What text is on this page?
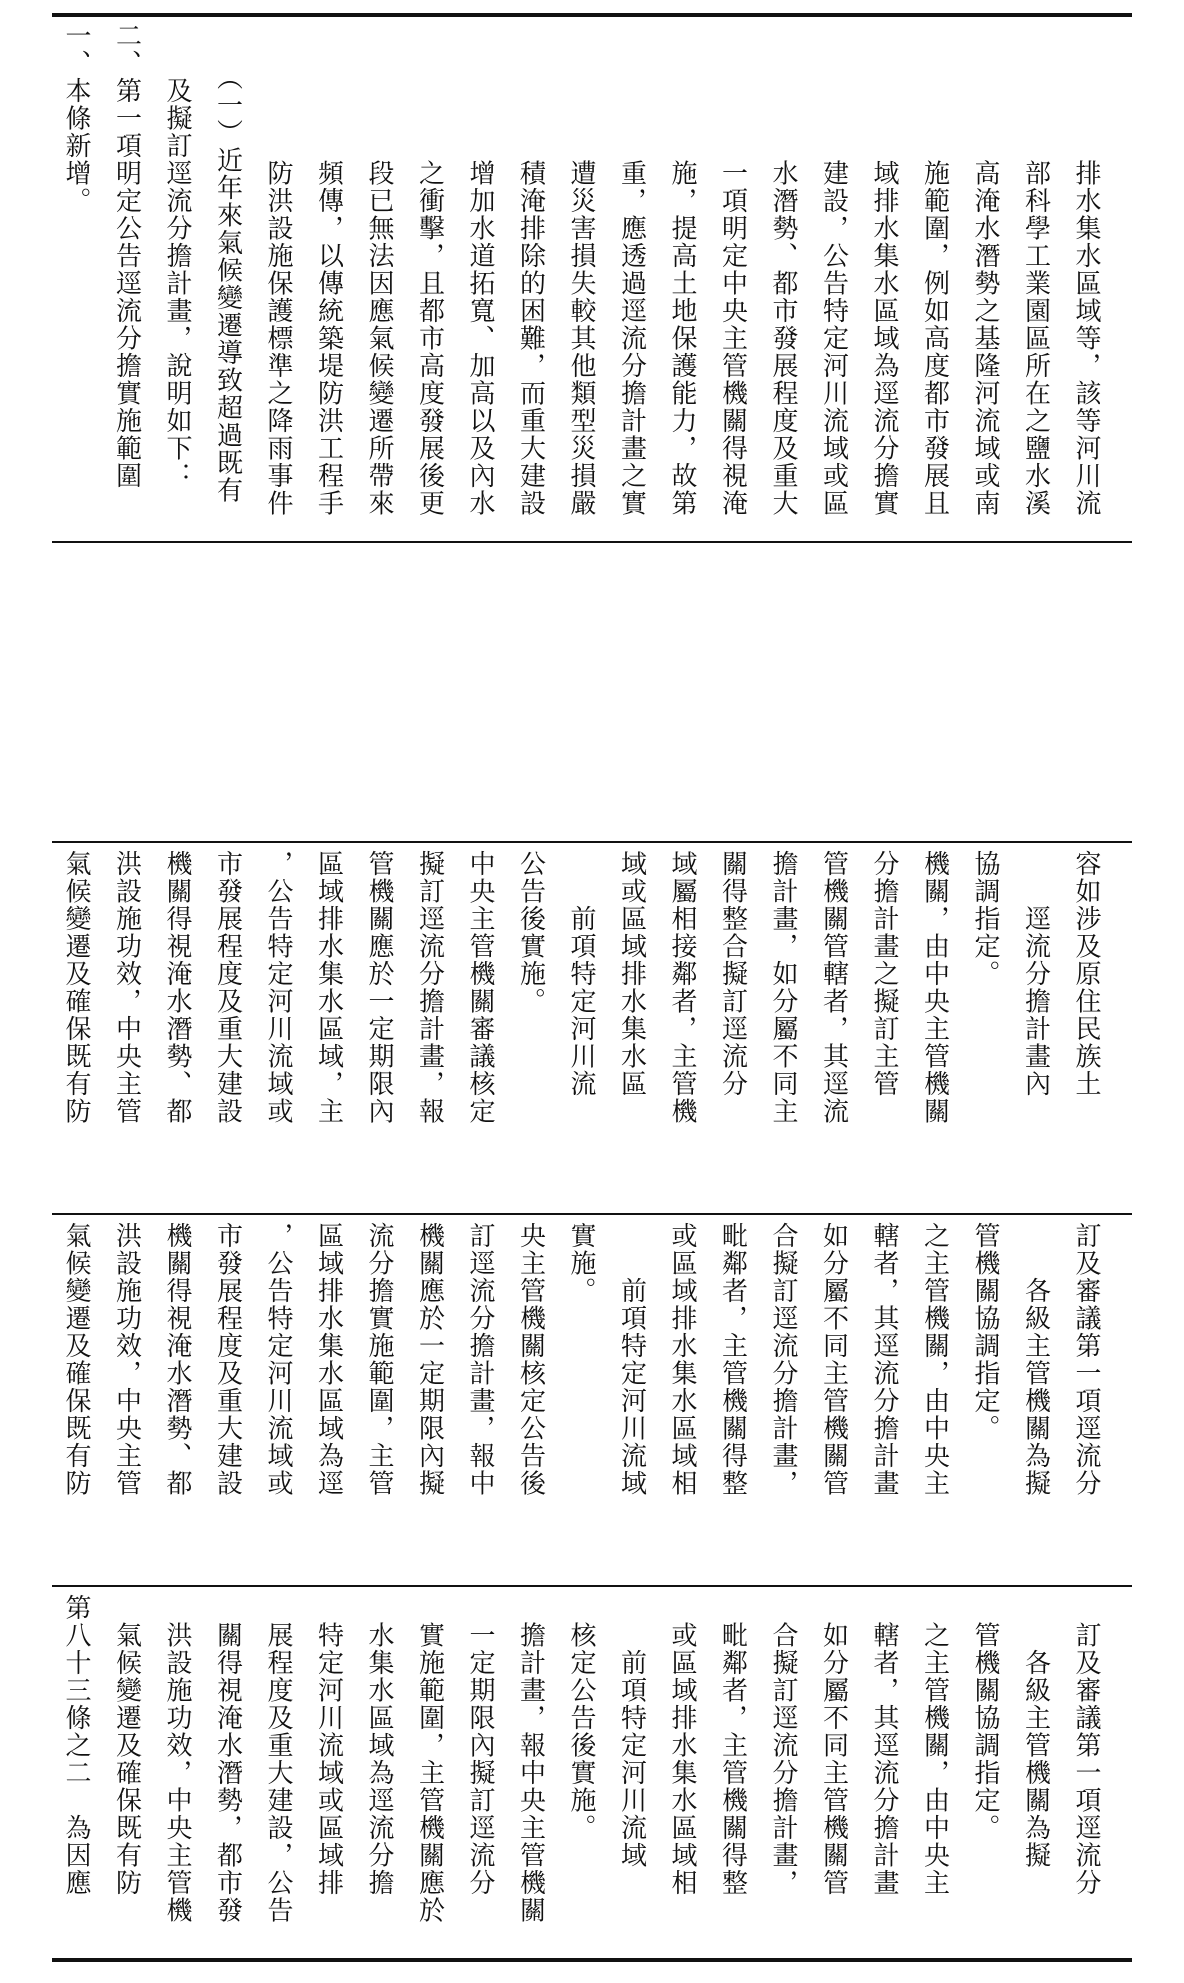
一、本條新增。 二、第一項明定公告逕流分擔實施範圍 　　及擬訂逕流分擔計畫，說明如下： 　　（一）近年來氣候變遷導致超過既有 　　　　　防洪設施保護標準之降雨事件 　　　　　頻傳，以傳統築堤防洪工程手 　　　　　段已無法因應氣候變遷所帶來 　　　　　之衝擊，且都市高度發展後更 　　　　　增加水道拓寬、加高以及內水 　　　　　積淹排除的困難，而重大建設 　　　　　遭災害損失較其他類型災損嚴 　　　　　重，應透過逕流分擔計畫之實 　　　　　施，提高土地保護能力，故第 　　　　　一項明定中央主管機關得視淹 　　　　　水潛勢、都市發展程度及重大 　　　　　建設，公告特定河川流域或區 　　　　　域排水集水區域為逕流分擔實 　　　　　施範圍，例如高度都市發展且 　　　　　高淹水潛勢之基隆河流域或南 　　　　　部科學工業園區所在之鹽水溪 　　　　　排水集水區域等，該等河川流
氣候變遷及確保既有防 洪設施功效，中央主管 機關得視淹水潛勢、都 市發展程度及重大建設 ，公告特定河川流域或 區域排水集水區域，主 管機關應於一定期限內 擬訂逕流分擔計畫，報 中央主管機關審議核定 公告後實施。 　　前項特定河川流 域或區域排水集水區 域屬相接鄰者，主管機 關得整合擬訂逕流分 擔計畫，如分屬不同主 管機關管轄者，其逕流 分擔計畫之擬訂主管 機關，由中央主管機關 協調指定。 　　逕流分擔計畫內 容如涉及原住民族土
氣候變遷及確保既有防 洪設施功效，中央主管 機關得視淹水潛勢、都 市發展程度及重大建設 ，公告特定河川流域或 區域排水集水區域為逕 流分擔實施範圍，主管 機關應於一定期限內擬 訂逕流分擔計畫，報中 央主管機關核定公告後 實施。 　　前項特定河川流域 或區域排水集水區域相 毗鄰者，主管機關得整 合擬訂逕流分擔計畫， 如分屬不同主管機關管 轄者，其逕流分擔計畫 之主管機關，由中央主 管機關協調指定。 　　各級主管機關為擬 訂及審議第一項逕流分
第八十三條之二　為因應 　氣候變遷及確保既有防 　洪設施功效，中央主管機 　關得視淹水潛勢，都市發 　展程度及重大建設，公告 　特定河川流域或區域排 　水集水區域為逕流分擔 　實施範圍，主管機關應於 　一定期限內擬訂逕流分 　擔計畫，報中央主管機關 　核定公告後實施。 　　前項特定河川流域 　或區域排水集水區域相 　毗鄰者，主管機關得整 　合擬訂逕流分擔計畫， 　如分屬不同主管機關管 　轄者，其逕流分擔計畫 　之主管機關，由中央主 　管機關協調指定。 　　各級主管機關為擬 　訂及審議第一項逕流分
